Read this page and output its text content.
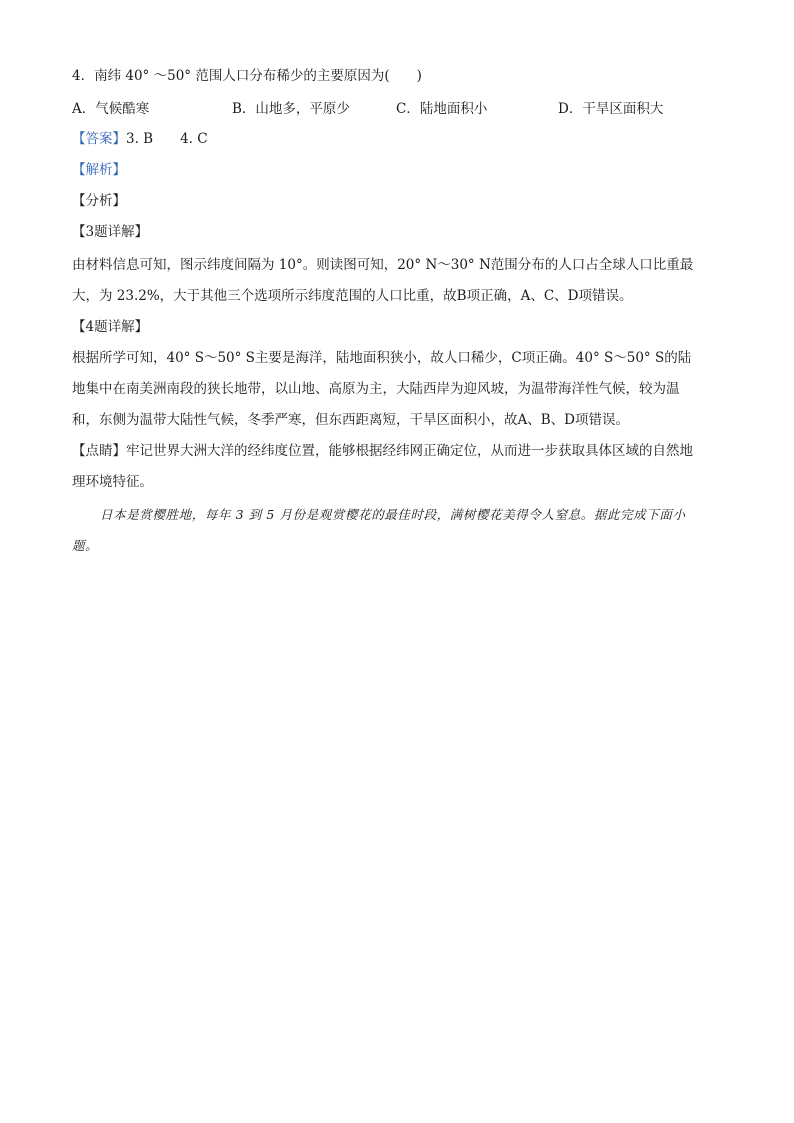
4．南纬 40° ～50° 范围人口分布稀少的主要原因为(　　)
A．气候酷寒	B．山地多，平原少	C．陆地面积小	D．干旱区面积大
【答案】3. B　　4. C
【解析】
【分析】
【3题详解】
由材料信息可知，图示纬度间隔为 10°。则读图可知，20° N～30° N范围分布的人口占全球人口比重最
大，为 23.2%，大于其他三个选项所示纬度范围的人口比重，故B项正确，A、C、D项错误。
【4题详解】
根据所学可知，40° S～50° S主要是海洋，陆地面积狭小，故人口稀少，C项正确。40° S～50° S的陆
地集中在南美洲南段的狭长地带，以山地、高原为主，大陆西岸为迎风坡，为温带海洋性气候，较为温
和，东侧为温带大陆性气候，冬季严寒，但东西距离短，干旱区面积小，故A、B、D项错误。
【点睛】牢记世界大洲大洋的经纬度位置，能够根据经纬网正确定位，从而进一步获取具体区域的自然地
理环境特征。
日本是赏樱胜地，每年 3 到 5 月份是观赏樱花的最佳时段，满树樱花美得令人窒息。据此完成下面小
题。
